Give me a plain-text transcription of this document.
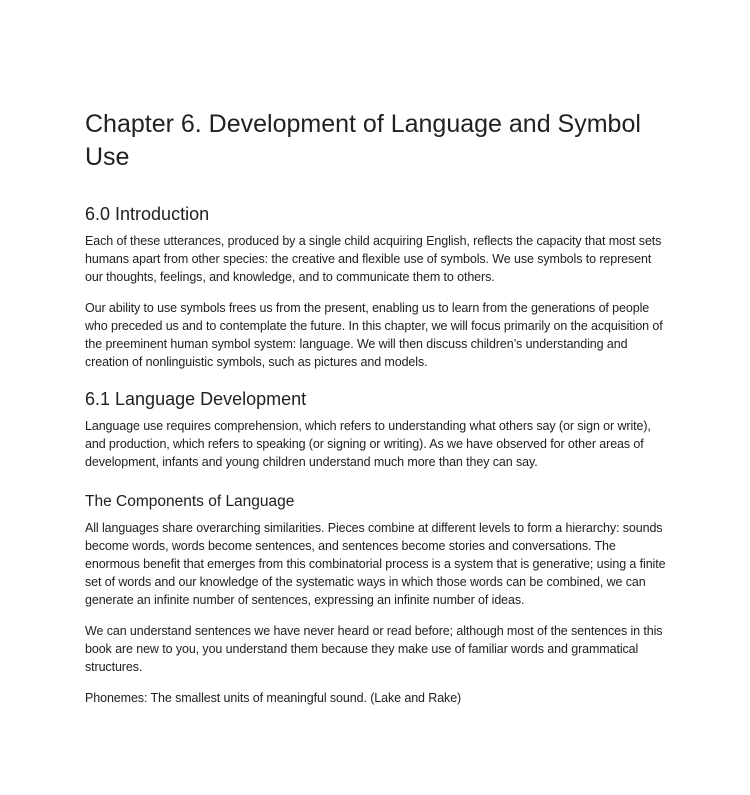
Chapter 6. Development of Language and Symbol Use
6.0 Introduction

Each of these utterances, produced by a single child acquiring English, reflects the capacity that most sets humans apart from other species: the creative and flexible use of symbols. We use symbols to represent our thoughts, feelings, and knowledge, and to communicate them to others.

Our ability to use symbols frees us from the present, enabling us to learn from the generations of people who preceded us and to contemplate the future. In this chapter, we will focus primarily on the acquisition of the preeminent human symbol system: language. We will then discuss children’s understanding and creation of nonlinguistic symbols, such as pictures and models.

6.1 Language Development

Language use requires comprehension, which refers to understanding what others say (or sign or write), and production, which refers to speaking (or signing or writing). As we have observed for other areas of development, infants and young children understand much more than they can say.

The Components of Language

All languages share overarching similarities. Pieces combine at different levels to form a hierarchy: sounds become words, words become sentences, and sentences become stories and conversations. The enormous benefit that emerges from this combinatorial process is a system that is generative; using a finite set of words and our knowledge of the systematic ways in which those words can be combined, we can generate an infinite number of sentences, expressing an infinite number of ideas.

We can understand sentences we have never heard or read before; although most of the sentences in this book are new to you, you understand them because they make use of familiar words and grammatical structures.

Phonemes: The smallest units of meaningful sound. (Lake and Rake)
